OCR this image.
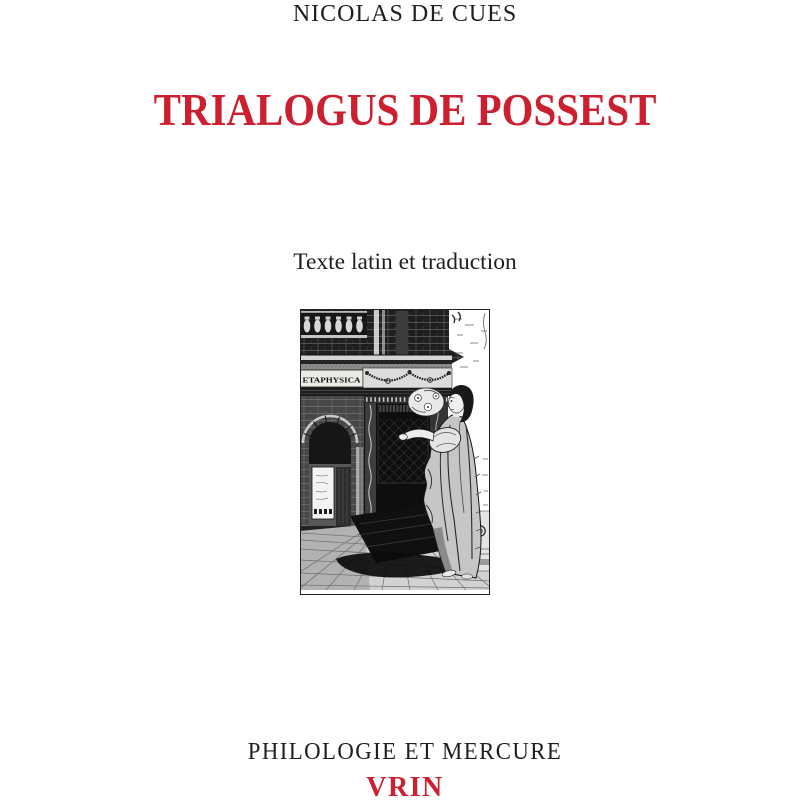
NICOLAS DE CUES
TRIALOGUS DE POSSEST
Texte latin et traduction
ETAPHYSICA
PHILOLOGIE ET MERCURE
VRIN
